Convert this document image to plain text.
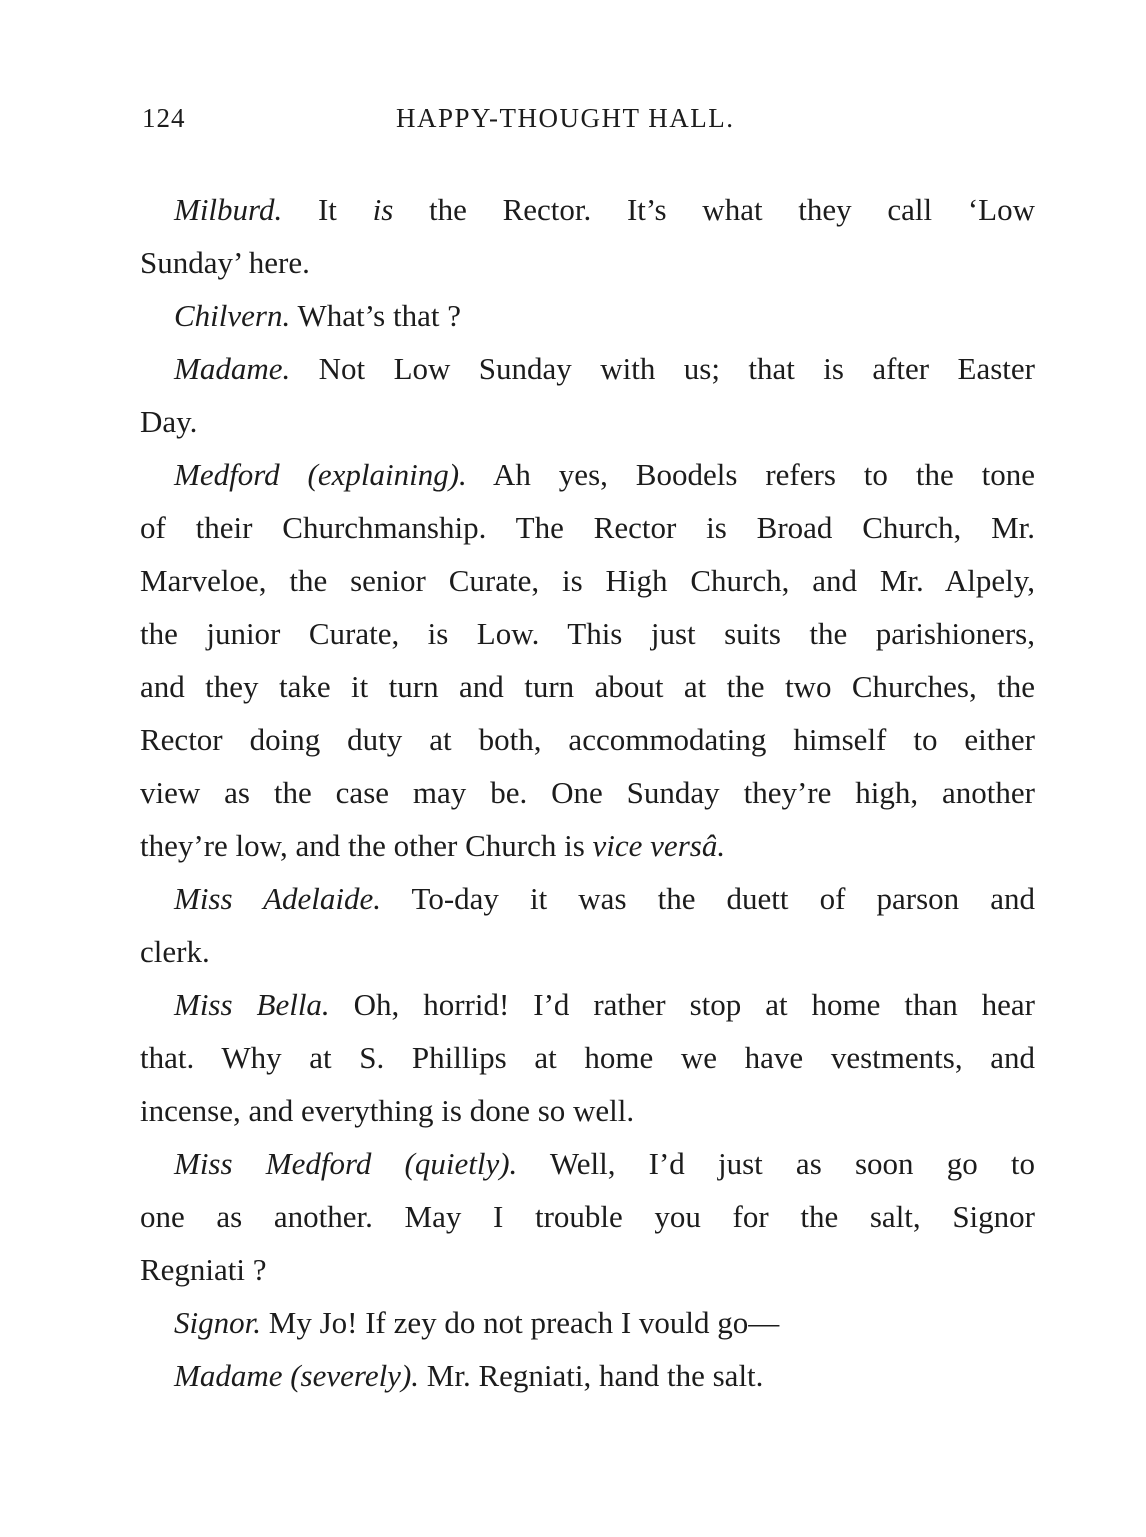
124	HAPPY-THOUGHT HALL.
Milburd. It is the Rector. It’s what they call ‘Low
Sunday’ here.
Chilvern. What’s that ?
Madame. Not Low Sunday with us; that is after Easter
Day.
Medford (explaining). Ah yes, Boodels refers to the tone
of their Churchmanship. The Rector is Broad Church, Mr.
Marveloe, the senior Curate, is High Church, and Mr. Alpely,
the junior Curate, is Low. This just suits the parishioners,
and they take it turn and turn about at the two Churches, the
Rector doing duty at both, accommodating himself to either
view as the case may be. One Sunday they’re high, another
they’re low, and the other Church is vice versâ.
Miss Adelaide. To-day it was the duett of parson and
clerk.
Miss Bella. Oh, horrid! I’d rather stop at home than hear
that. Why at S. Phillips at home we have vestments, and
incense, and everything is done so well.
Miss Medford (quietly). Well, I’d just as soon go to
one as another. May I trouble you for the salt, Signor
Regniati ?
Signor. My Jo! If zey do not preach I vould go—
Madame (severely). Mr. Regniati, hand the salt.
